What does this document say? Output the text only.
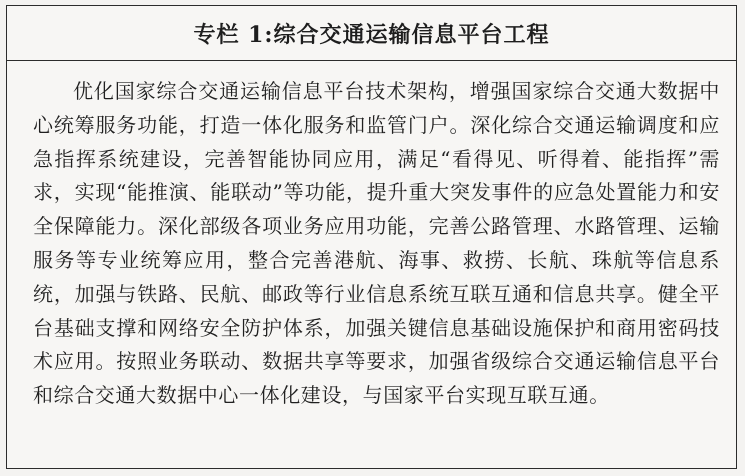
专栏 1:综合交通运输信息平台工程
优化国家综合交通运输信息平台技术架构，增强国家综合交通大数据中心统筹服务功能，打造一体化服务和监管门户。深化综合交通运输调度和应急指挥系统建设，完善智能协同应用，满足“看得见、听得着、能指挥”需求，实现“能推演、能联动”等功能，提升重大突发事件的应急处置能力和安全保障能力。深化部级各项业务应用功能，完善公路管理、水路管理、运输服务等专业统筹应用，整合完善港航、海事、救捞、长航、珠航等信息系统，加强与铁路、民航、邮政等行业信息系统互联互通和信息共享。健全平台基础支撑和网络安全防护体系，加强关键信息基础设施保护和商用密码技术应用。按照业务联动、数据共享等要求，加强省级综合交通运输信息平台和综合交通大数据中心一体化建设，与国家平台实现互联互通。
